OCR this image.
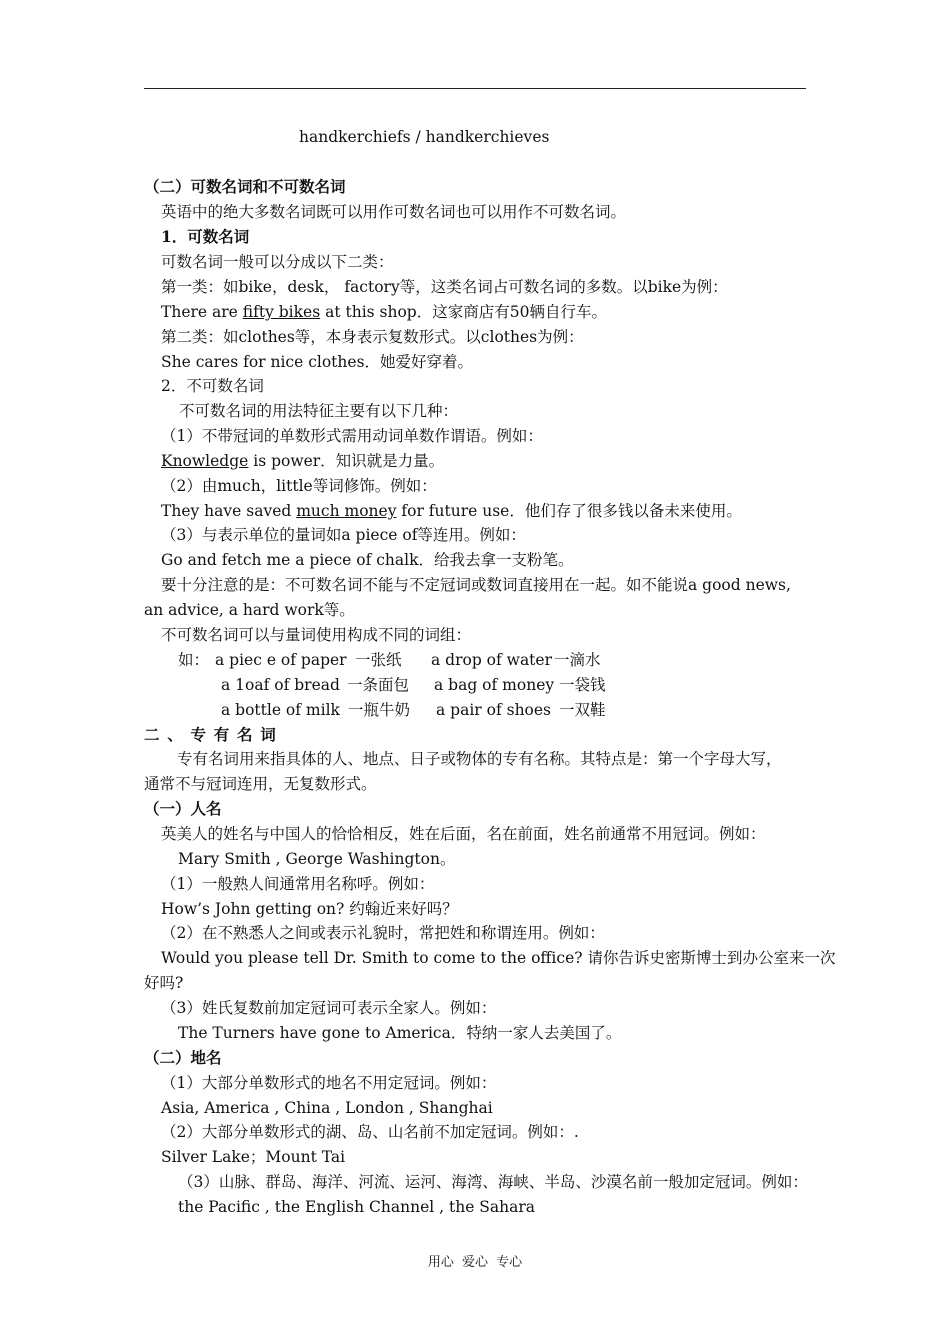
handkerchiefs / handkerchieves
（二）可数名词和不可数名词
英语中的绝大多数名词既可以用作可数名词也可以用作不可数名词。
1．可数名词
可数名词一般可以分成以下二类：
第一类：如bike，desk， factory等，这类名词占可数名词的多数。以bike为例：
There are fifty bikes at this shop．这家商店有50辆自行车。
第二类：如clothes等，本身表示复数形式。以clothes为例：
She cares for nice clothes．她爱好穿着。
2．不可数名词
不可数名词的用法特征主要有以下几种：
（1）不带冠词的单数形式需用动词单数作谓语。例如：
Knowledge is power．知识就是力量。
（2）由much，little等词修饰。例如：
They have saved much money for future use．他们存了很多钱以备未来使用。
（3）与表示单位的量词如a piece of等连用。例如：
Go and fetch me a piece of chalk．给我去拿一支粉笔。
要十分注意的是：不可数名词不能与不定冠词或数词直接用在一起。如不能说a good news,
an advice, a hard work等。
不可数名词可以与量词使用构成不同的词组：
如： a piec e of paper 一张纸 a drop of water 一滴水
a 1oaf of bread 一条面包 a bag of money 一袋钱
a bottle of milk 一瓶牛奶 a pair of shoes 一双鞋
二、专有名词
专有名词用来指具体的人、地点、日子或物体的专有名称。其特点是：第一个字母大写，
通常不与冠词连用，无复数形式。
（一）人名
英美人的姓名与中国人的恰恰相反，姓在后面，名在前面，姓名前通常不用冠词。例如：
Mary Smith , George Washington。
（1）一般熟人间通常用名称呼。例如：
How’s John getting on? 约翰近来好吗？
（2）在不熟悉人之间或表示礼貌时，常把姓和称谓连用。例如：
Would you please tell Dr. Smith to come to the office? 请你告诉史密斯博士到办公室来一次
好吗?
（3）姓氏复数前加定冠词可表示全家人。例如：
The Turners have gone to America．特纳一家人去美国了。
（二）地名
（1）大部分单数形式的地名不用定冠词。例如：
Asia, America , China , London , Shanghai
（2）大部分单数形式的湖、岛、山名前不加定冠词。例如：.
Silver Lake；Mount Tai
（3）山脉、群岛、海洋、河流、运河、海湾、海峡、半岛、沙漠名前一般加定冠词。例如：
the Pacific , the English Channel , the Sahara
用心 爱心 专心
